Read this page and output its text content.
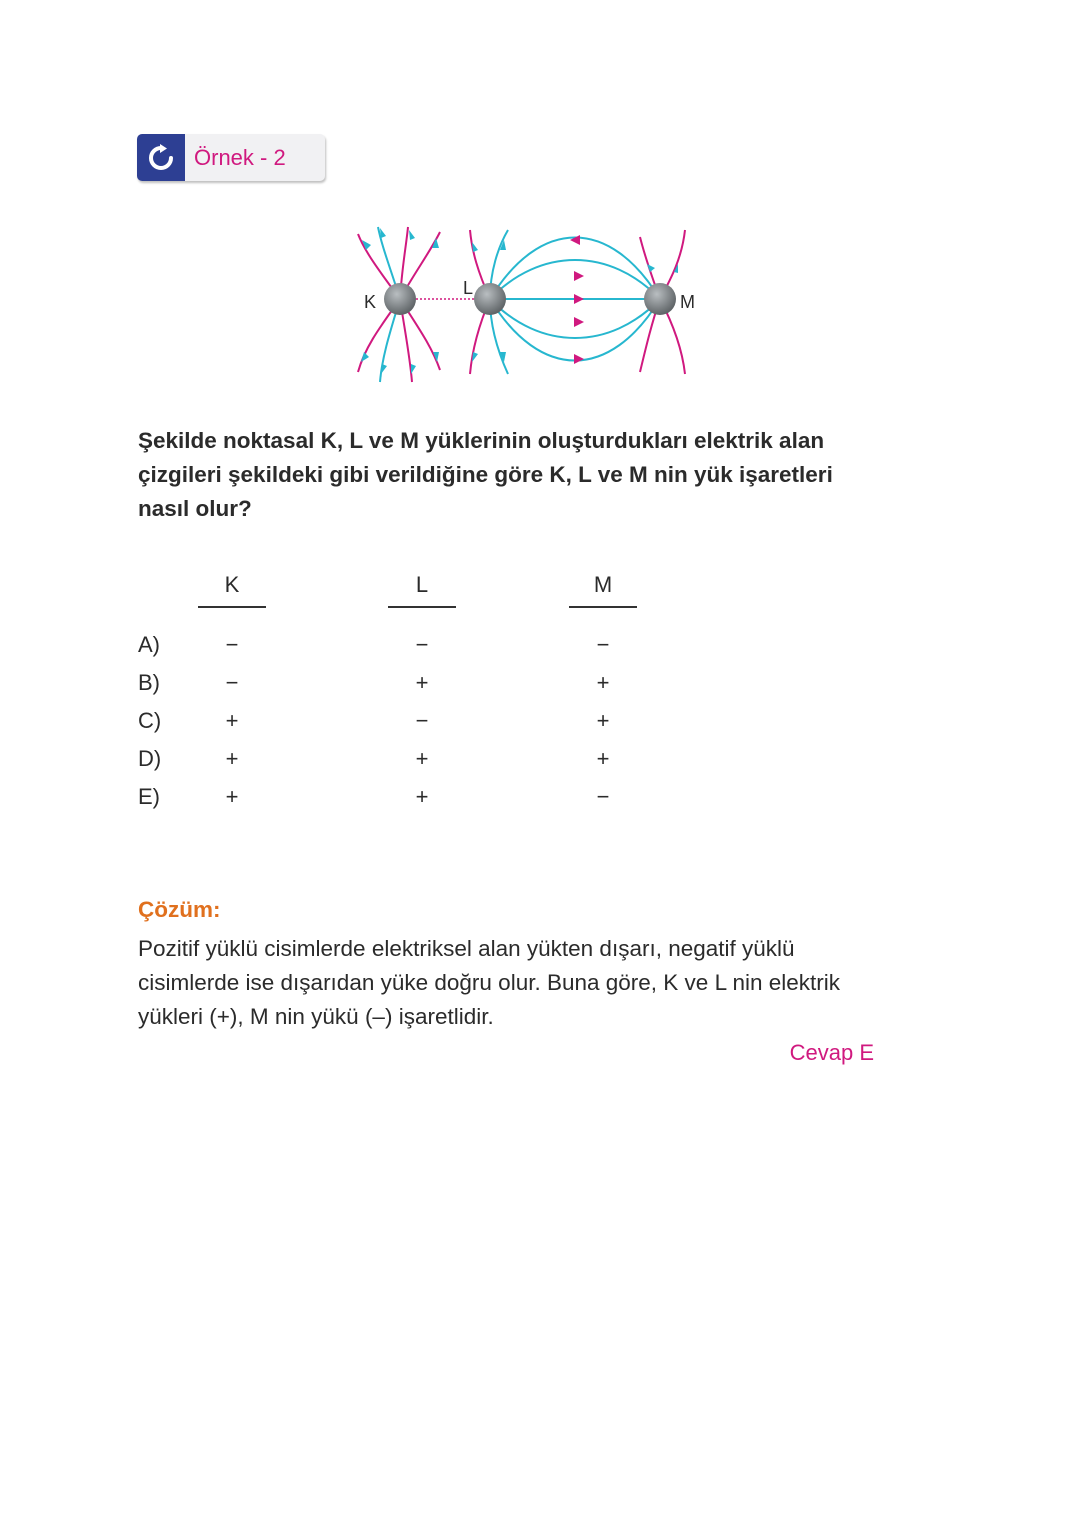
Örnek - 2
K
L
M
Şekilde noktasal K, L ve M yüklerinin oluşturdukları elektrik alan çizgileri şekildeki gibi verildiğine göre K, L ve M nin yük işaretleri nasıl olur?
K	L	M
A)	−	−	−
B)	−	+	+
C)	+	−	+
D)	+	+	+
E)	+	+	−
Çözüm:
Pozitif yüklü cisimlerde elektriksel alan yükten dışarı, negatif yüklü cisimlerde ise dışarıdan yüke doğru olur. Buna göre, K ve L nin elektrik yükleri (+), M nin yükü (–) işaretlidir.
Cevap E
